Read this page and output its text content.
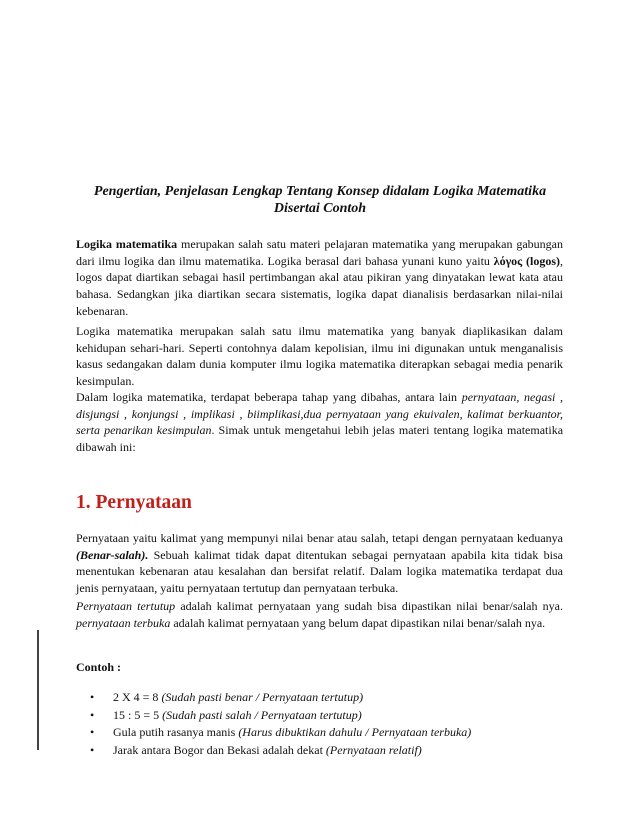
Pengertian, Penjelasan Lengkap Tentang Konsep didalam Logika Matematika Disertai Contoh

Logika matematika merupakan salah satu materi pelajaran matematika yang merupakan gabungan dari ilmu logika dan ilmu matematika. Logika berasal dari bahasa yunani kuno yaitu λόγος (logos), logos dapat diartikan sebagai hasil pertimbangan akal atau pikiran yang dinyatakan lewat kata atau bahasa. Sedangkan jika diartikan secara sistematis, logika dapat dianalisis berdasarkan nilai-nilai kebenaran.

Logika matematika merupakan salah satu ilmu matematika yang banyak diaplikasikan dalam kehidupan sehari-hari. Seperti contohnya dalam kepolisian, ilmu ini digunakan untuk menganalisis kasus sedangakan dalam dunia komputer ilmu logika matematika diterapkan sebagai media penarik kesimpulan.

Dalam logika matematika, terdapat beberapa tahap yang dibahas, antara lain pernyataan, negasi , disjungsi , konjungsi , implikasi , biimplikasi,dua pernyataan yang ekuivalen, kalimat berkuantor, serta penarikan kesimpulan. Simak untuk mengetahui lebih jelas materi tentang logika matematika dibawah ini:

1. Pernyataan

Pernyataan yaitu kalimat yang mempunyi nilai benar atau salah, tetapi dengan pernyataan keduanya (Benar-salah). Sebuah kalimat tidak dapat ditentukan sebagai pernyataan apabila kita tidak bisa menentukan kebenaran atau kesalahan dan bersifat relatif. Dalam logika matematika terdapat dua jenis pernyataan, yaitu pernyataan tertutup dan pernyataan terbuka.

Pernyataan tertutup adalah kalimat pernyataan yang sudah bisa dipastikan nilai benar/salah nya. pernyataan terbuka adalah kalimat pernyataan yang belum dapat dipastikan nilai benar/salah nya.

Contoh :

• 2 X 4 = 8 (Sudah pasti benar / Pernyataan tertutup)
• 15 : 5 = 5 (Sudah pasti salah / Pernyataan tertutup)
• Gula putih rasanya manis (Harus dibuktikan dahulu / Pernyataan terbuka)
• Jarak antara Bogor dan Bekasi adalah dekat (Pernyataan relatif)
